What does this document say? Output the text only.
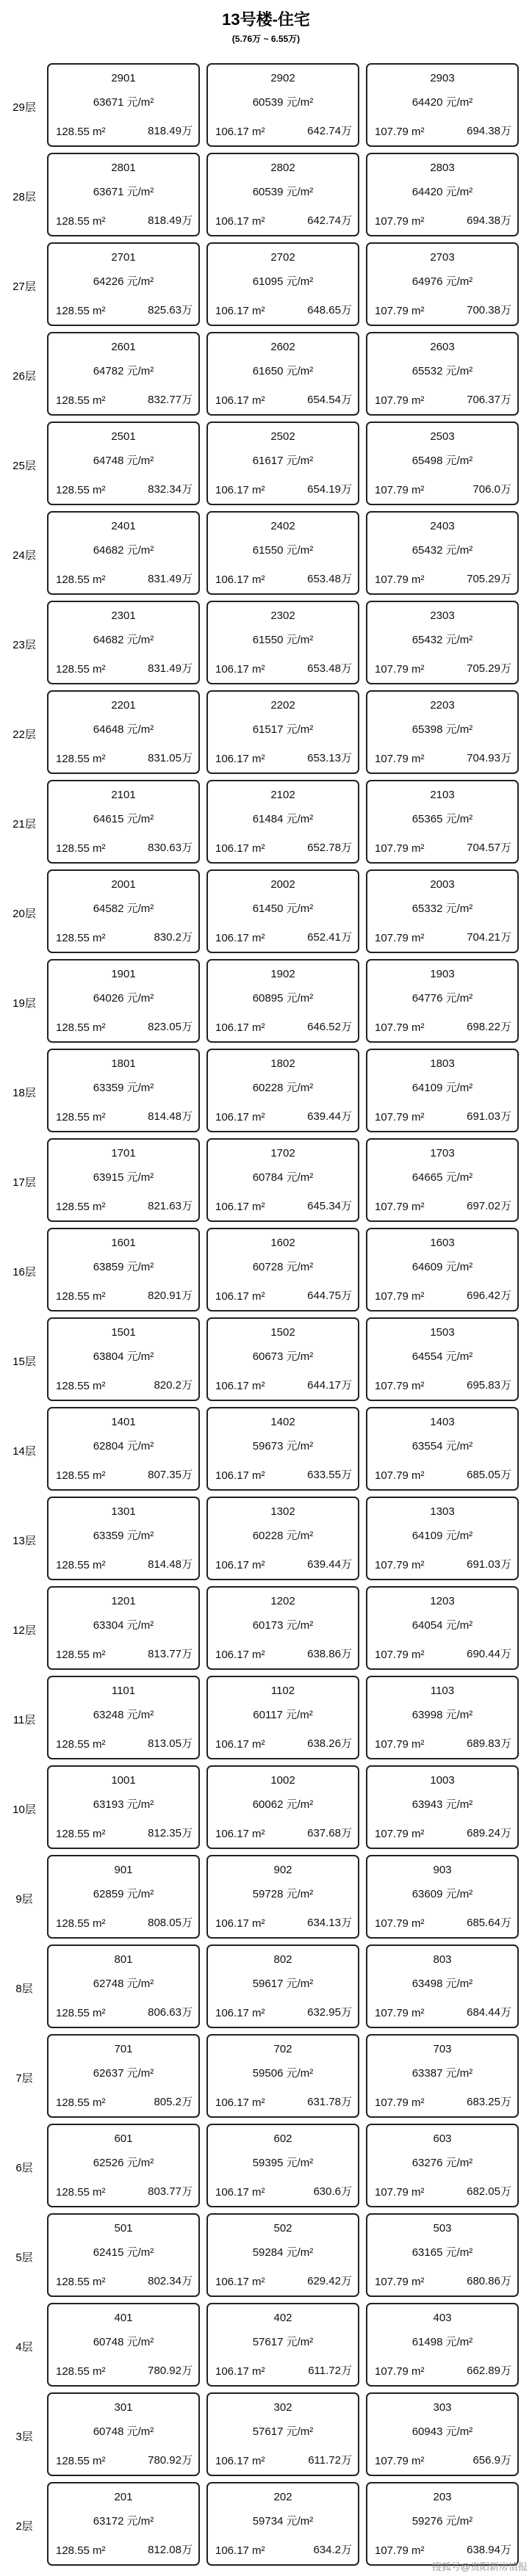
13号楼-住宅
(5.76万 ~ 6.55万)
29层
2901
63671 元/m²
128.55 m²	818.49万
2902
60539 元/m²
106.17 m²	642.74万
2903
64420 元/m²
107.79 m²	694.38万
28层
2801
63671 元/m²
128.55 m²	818.49万
2802
60539 元/m²
106.17 m²	642.74万
2803
64420 元/m²
107.79 m²	694.38万
27层
2701
64226 元/m²
128.55 m²	825.63万
2702
61095 元/m²
106.17 m²	648.65万
2703
64976 元/m²
107.79 m²	700.38万
26层
2601
64782 元/m²
128.55 m²	832.77万
2602
61650 元/m²
106.17 m²	654.54万
2603
65532 元/m²
107.79 m²	706.37万
25层
2501
64748 元/m²
128.55 m²	832.34万
2502
61617 元/m²
106.17 m²	654.19万
2503
65498 元/m²
107.79 m²	706.0万
24层
2401
64682 元/m²
128.55 m²	831.49万
2402
61550 元/m²
106.17 m²	653.48万
2403
65432 元/m²
107.79 m²	705.29万
23层
2301
64682 元/m²
128.55 m²	831.49万
2302
61550 元/m²
106.17 m²	653.48万
2303
65432 元/m²
107.79 m²	705.29万
22层
2201
64648 元/m²
128.55 m²	831.05万
2202
61517 元/m²
106.17 m²	653.13万
2203
65398 元/m²
107.79 m²	704.93万
21层
2101
64615 元/m²
128.55 m²	830.63万
2102
61484 元/m²
106.17 m²	652.78万
2103
65365 元/m²
107.79 m²	704.57万
20层
2001
64582 元/m²
128.55 m²	830.2万
2002
61450 元/m²
106.17 m²	652.41万
2003
65332 元/m²
107.79 m²	704.21万
19层
1901
64026 元/m²
128.55 m²	823.05万
1902
60895 元/m²
106.17 m²	646.52万
1903
64776 元/m²
107.79 m²	698.22万
18层
1801
63359 元/m²
128.55 m²	814.48万
1802
60228 元/m²
106.17 m²	639.44万
1803
64109 元/m²
107.79 m²	691.03万
17层
1701
63915 元/m²
128.55 m²	821.63万
1702
60784 元/m²
106.17 m²	645.34万
1703
64665 元/m²
107.79 m²	697.02万
16层
1601
63859 元/m²
128.55 m²	820.91万
1602
60728 元/m²
106.17 m²	644.75万
1603
64609 元/m²
107.79 m²	696.42万
15层
1501
63804 元/m²
128.55 m²	820.2万
1502
60673 元/m²
106.17 m²	644.17万
1503
64554 元/m²
107.79 m²	695.83万
14层
1401
62804 元/m²
128.55 m²	807.35万
1402
59673 元/m²
106.17 m²	633.55万
1403
63554 元/m²
107.79 m²	685.05万
13层
1301
63359 元/m²
128.55 m²	814.48万
1302
60228 元/m²
106.17 m²	639.44万
1303
64109 元/m²
107.79 m²	691.03万
12层
1201
63304 元/m²
128.55 m²	813.77万
1202
60173 元/m²
106.17 m²	638.86万
1203
64054 元/m²
107.79 m²	690.44万
11层
1101
63248 元/m²
128.55 m²	813.05万
1102
60117 元/m²
106.17 m²	638.26万
1103
63998 元/m²
107.79 m²	689.83万
10层
1001
63193 元/m²
128.55 m²	812.35万
1002
60062 元/m²
106.17 m²	637.68万
1003
63943 元/m²
107.79 m²	689.24万
9层
901
62859 元/m²
128.55 m²	808.05万
902
59728 元/m²
106.17 m²	634.13万
903
63609 元/m²
107.79 m²	685.64万
8层
801
62748 元/m²
128.55 m²	806.63万
802
59617 元/m²
106.17 m²	632.95万
803
63498 元/m²
107.79 m²	684.44万
7层
701
62637 元/m²
128.55 m²	805.2万
702
59506 元/m²
106.17 m²	631.78万
703
63387 元/m²
107.79 m²	683.25万
6层
601
62526 元/m²
128.55 m²	803.77万
602
59395 元/m²
106.17 m²	630.6万
603
63276 元/m²
107.79 m²	682.05万
5层
501
62415 元/m²
128.55 m²	802.34万
502
59284 元/m²
106.17 m²	629.42万
503
63165 元/m²
107.79 m²	680.86万
4层
401
60748 元/m²
128.55 m²	780.92万
402
57617 元/m²
106.17 m²	611.72万
403
61498 元/m²
107.79 m²	662.89万
3层
301
60748 元/m²
128.55 m²	780.92万
302
57617 元/m²
106.17 m²	611.72万
303
60943 元/m²
107.79 m²	656.9万
2层
201
63172 元/m²
128.55 m²	812.08万
202
59734 元/m²
106.17 m²	634.2万
203
59276 元/m²
107.79 m²	638.94万
搜狐号@贵阳新房情报
